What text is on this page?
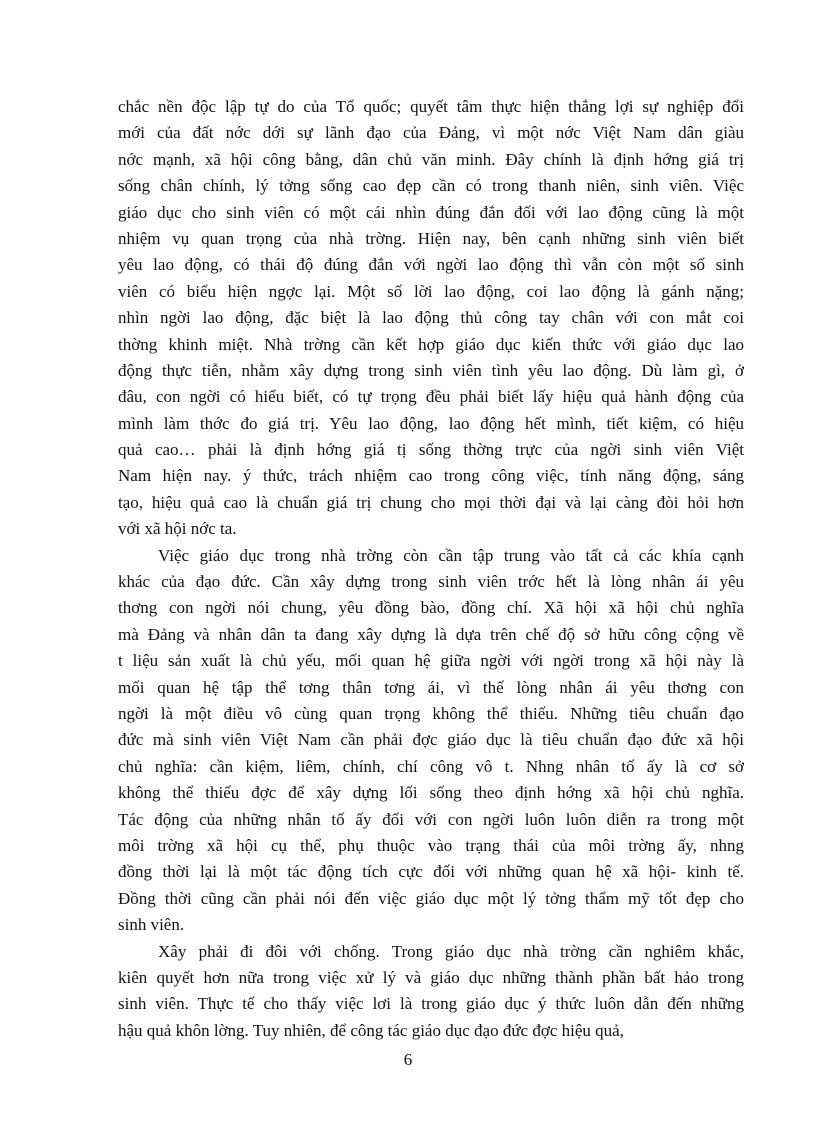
chắc nền độc lập tự do của Tổ quốc; quyết tâm thực hiện thắng lợi sự nghiệp đổi
mới của đất nớc dới sự lãnh đạo của Đảng, vì một nớc Việt Nam dân giàu
nớc mạnh, xã hội công bằng, dân chủ văn minh. Đây chính là định hớng giá trị
sống chân chính, lý tởng sống cao đẹp cần có trong thanh niên, sinh viên. Việc
giáo dục cho sinh viên có một cái nhìn đúng đắn đối với lao động cũng là một
nhiệm vụ quan trọng của nhà trờng. Hiện nay, bên cạnh những sinh viên biết
yêu lao động, có thái độ đúng đắn với ngời lao động thì vẫn còn một số sinh
viên có biểu hiện ngợc lại. Một số lời lao động, coi lao động là gánh nặng;
nhìn ngời lao động, đặc biệt là lao động thủ công tay chân với con mắt coi
thờng khinh miệt. Nhà trờng cần kết hợp giáo dục kiến thức với giáo dục lao
động thực tiễn, nhằm xây dựng trong sinh viên tình yêu lao động. Dù làm gì, ở
đâu, con ngời có hiểu biết, có tự trọng đều phải biết lấy hiệu quả hành động của
mình làm thớc đo giá trị. Yêu lao động, lao động hết mình, tiết kiệm, có hiệu
quả cao… phải là định hớng giá tị sống thờng trực của ngời sinh viên Việt
Nam hiện nay. ý thức, trách nhiệm cao trong công việc, tính năng động, sáng
tạo, hiệu quả cao là chuẩn giá trị chung cho mọi thời đại và lại càng đòi hỏi hơn
với xã hội nớc ta.
Việc giáo dục trong nhà trờng còn cần tập trung vào tất cả các khía cạnh
khác của đạo đức. Cần xây dựng trong sinh viên trớc hết là lòng nhân ái yêu
thơng con ngời nói chung, yêu đồng bào, đồng chí. Xã hội xã hội chủ nghĩa
mà Đảng và nhân dân ta đang xây dựng là dựa trên chế độ sở hữu công cộng về
t liệu sản xuất là chủ yếu, mối quan hệ giữa ngời với ngời trong xã hội này là
mối quan hệ tập thể tơng thân tơng ái, vì thế lòng nhân ái yêu thơng con
ngời là một điều vô cùng quan trọng không thể thiếu. Những tiêu chuẩn đạo
đức mà sinh viên Việt Nam cần phải đợc giáo dục là tiêu chuẩn đạo đức xã hội
chủ nghĩa: cần kiệm, liêm, chính, chí công vô t. Nhng nhân tố ấy là cơ sở
không thể thiếu đợc để xây dựng lối sống theo định hớng xã hội chủ nghĩa.
Tác động của những nhân tố ấy đối với con ngời luôn luôn diễn ra trong một
môi trờng xã hội cụ thể, phụ thuộc vào trạng thái của môi trờng ấy, nhng
đồng thời lại là một tác động tích cực đối với những quan hệ xã hội- kinh tế.
Đồng thời cũng cần phải nói đến việc giáo dục một lý tởng thẩm mỹ tốt đẹp cho
sinh viên.
Xây phải đi đôi với chống. Trong giáo dục nhà trờng cần nghiêm khắc,
kiên quyết hơn nữa trong việc xử lý và giáo dục những thành phần bất hảo trong
sinh viên. Thực tế cho thấy việc lơi là trong giáo dục ý thức luôn dẫn đến những
hậu quả khôn lờng. Tuy nhiên, để công tác giáo dục đạo đức đợc hiệu quả,
6
